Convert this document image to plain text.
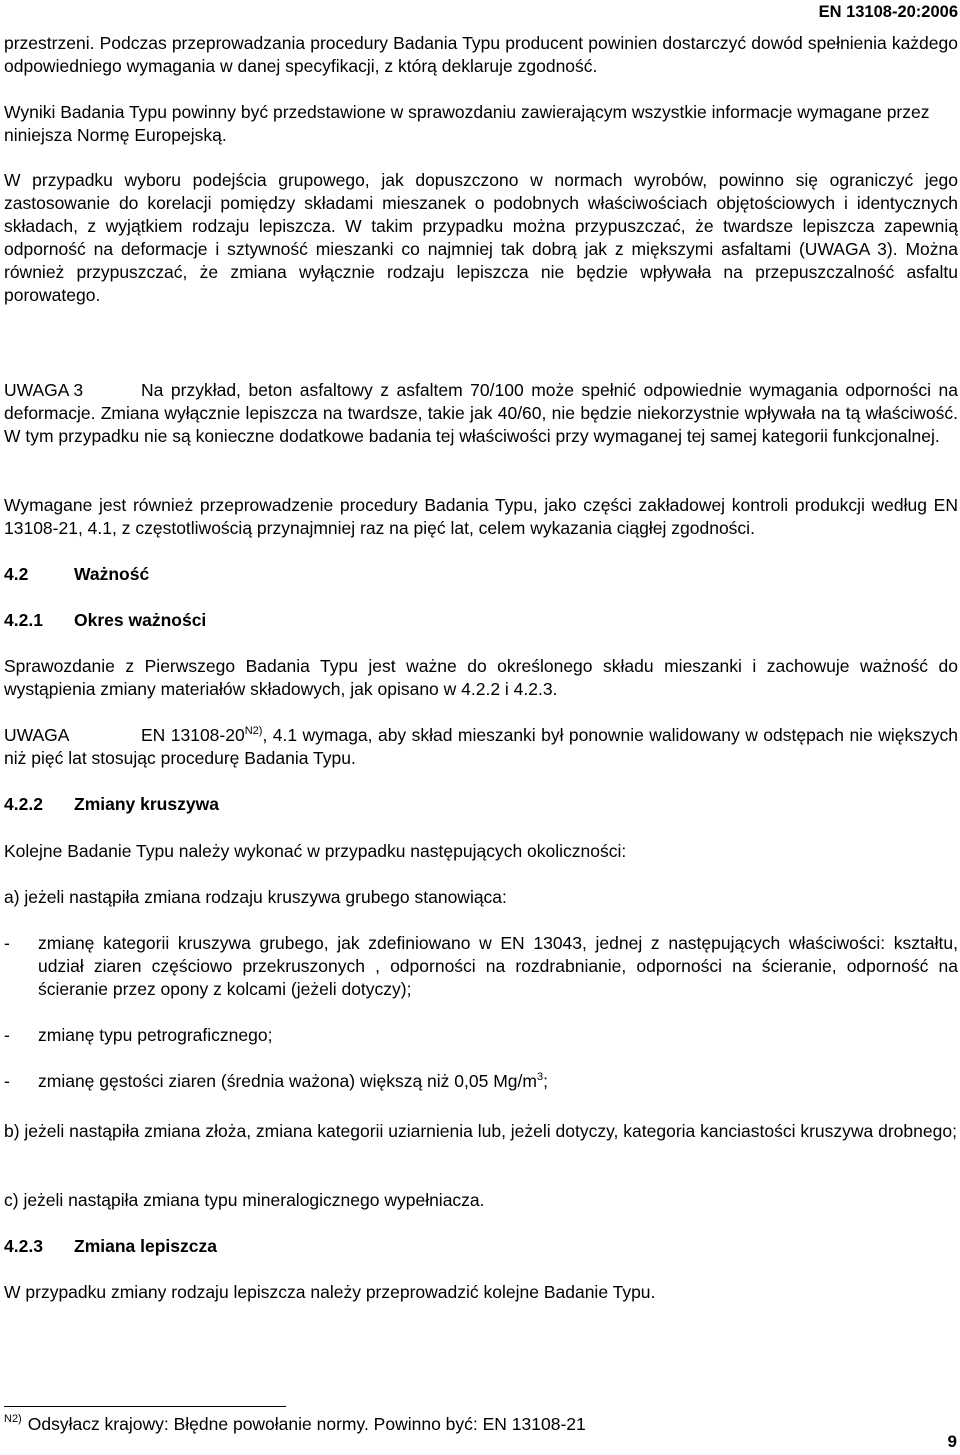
EN 13108-20:2006

przestrzeni. Podczas przeprowadzania procedury Badania Typu producent powinien dostarczyć dowód spełnienia każdego odpowiedniego wymagania w danej specyfikacji, z którą deklaruje zgodność.

Wyniki Badania Typu powinny być przedstawione w sprawozdaniu zawierającym wszystkie informacje wymagane przez niniejsza Normę Europejską.

W przypadku wyboru podejścia grupowego, jak dopuszczono w normach wyrobów, powinno się ograniczyć jego zastosowanie do korelacji pomiędzy składami mieszanek o podobnych właściwościach objętościowych i identycznych składach, z wyjątkiem rodzaju lepiszcza. W takim przypadku można przypuszczać, że twardsze lepiszcza zapewnią odporność na deformacje i sztywność mieszanki co najmniej tak dobrą jak z miększymi asfaltami (UWAGA 3). Można również przypuszczać, że zmiana wyłącznie rodzaju lepiszcza nie będzie wpływała na przepuszczalność asfaltu porowatego.

UWAGA 3	Na przykład, beton asfaltowy z asfaltem 70/100 może spełnić odpowiednie wymagania odporności na deformacje. Zmiana wyłącznie lepiszcza na twardsze, takie jak 40/60, nie będzie niekorzystnie wpływała na tą właściwość. W tym przypadku nie są konieczne dodatkowe badania tej właściwości przy wymaganej tej samej kategorii funkcjonalnej.

Wymagane jest również przeprowadzenie procedury Badania Typu, jako części zakładowej kontroli produkcji według EN 13108-21, 4.1, z częstotliwością przynajmniej raz na pięć lat, celem wykazania ciągłej zgodności.

4.2	Ważność

4.2.1 Okres ważności

Sprawozdanie z Pierwszego Badania Typu jest ważne do określonego składu mieszanki i zachowuje ważność do wystąpienia zmiany materiałów składowych, jak opisano w 4.2.2 i 4.2.3.

UWAGA	EN $13108-20^{N2)}$, 4.1 wymaga, aby skład mieszanki był ponownie walidowany w odstępach nie większych niż pięć lat stosując procedurę Badania Typu.

4.2.2 Zmiany kruszywa

Kolejne Badanie Typu należy wykonać w przypadku następujących okoliczności:

a) jeżeli nastąpiła zmiana rodzaju kruszywa grubego stanowiąca:

-	zmianę kategorii kruszywa grubego, jak zdefiniowano w EN 13043, jednej z następujących właściwości: kształtu, udział ziaren częściowo przekruszonych , odporności na rozdrabnianie, odporności na ścieranie, odporność na ścieranie przez opony z kolcami (jeżeli dotyczy);
-	zmianę typu petrograficznego;
-	zmianę gęstości ziaren (średnia ważona) większą niż 0,05 $Mg/m^3$;

b) jeżeli nastąpiła zmiana złoża, zmiana kategorii uziarnienia lub, jeżeli dotyczy, kategoria kanciastości kruszywa drobnego;

c) jeżeli nastąpiła zmiana typu mineralogicznego wypełniacza.

4.2.3 Zmiana lepiszcza

W przypadku zmiany rodzaju lepiszcza należy przeprowadzić kolejne Badanie Typu.

$^{N2)}$ Odsyłacz krajowy: Błędne powołanie normy. Powinno być: EN 13108-21
9
